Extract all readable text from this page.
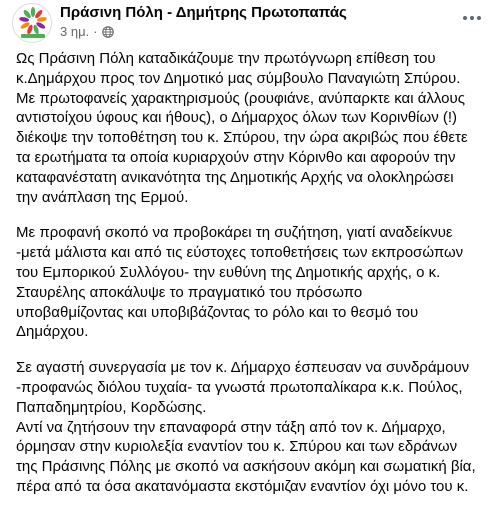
Πράσινη Πόλη - Δημήτρης Πρωτοπαπάς
3 ημ. ·

Ως Πράσινη Πόλη καταδικάζουμε την πρωτόγνωρη επίθεση του
κ.Δημάρχου προς τον Δημοτικό μας σύμβουλο Παναγιώτη Σπύρου.
Με πρωτοφανείς χαρακτηρισμούς (ρουφιάνε, ανύπαρκτε και άλλους
αντιστοίχου ύφους και ήθους), ο Δήμαρχος όλων των Κορινθίων (!)
διέκοψε την τοποθέτηση του κ. Σπύρου, την ώρα ακριβώς που έθετε
τα ερωτήματα τα οποία κυριαρχούν στην Κόρινθο και αφορούν την
καταφανέστατη ανικανότητα της Δημοτικής Αρχής να ολοκληρώσει
την ανάπλαση της Ερμού.

Με προφανή σκοπό να προβοκάρει τη συζήτηση, γιατί αναδείκνυε
-μετά μάλιστα και από τις εύστοχες τοποθετήσεις των εκπροσώπων
του Εμπορικού Συλλόγου- την ευθύνη της Δημοτικής αρχής, ο κ.
Σταυρέλης αποκάλυψε το πραγματικό του πρόσωπο
υποβαθμίζοντας και υποβιβάζοντας το ρόλο και το θεσμό του
Δημάρχου.

Σε αγαστή συνεργασία με τον κ. Δήμαρχο έσπευσαν να συνδράμουν
-προφανώς διόλου τυχαία- τα γνωστά πρωτοπαλίκαρα κ.κ. Πούλος,
Παπαδημητρίου, Κορδώσης.
Αντί να ζητήσουν την επαναφορά στην τάξη από τον κ. Δήμαρχο,
όρμησαν στην κυριολεξία εναντίον του κ. Σπύρου και των εδράνων
της Πράσινης Πόλης με σκοπό να ασκήσουν ακόμη και σωματική βία,
πέρα από τα όσα ακατανόμαστα εκστόμιζαν εναντίον όχι μόνο του κ.
